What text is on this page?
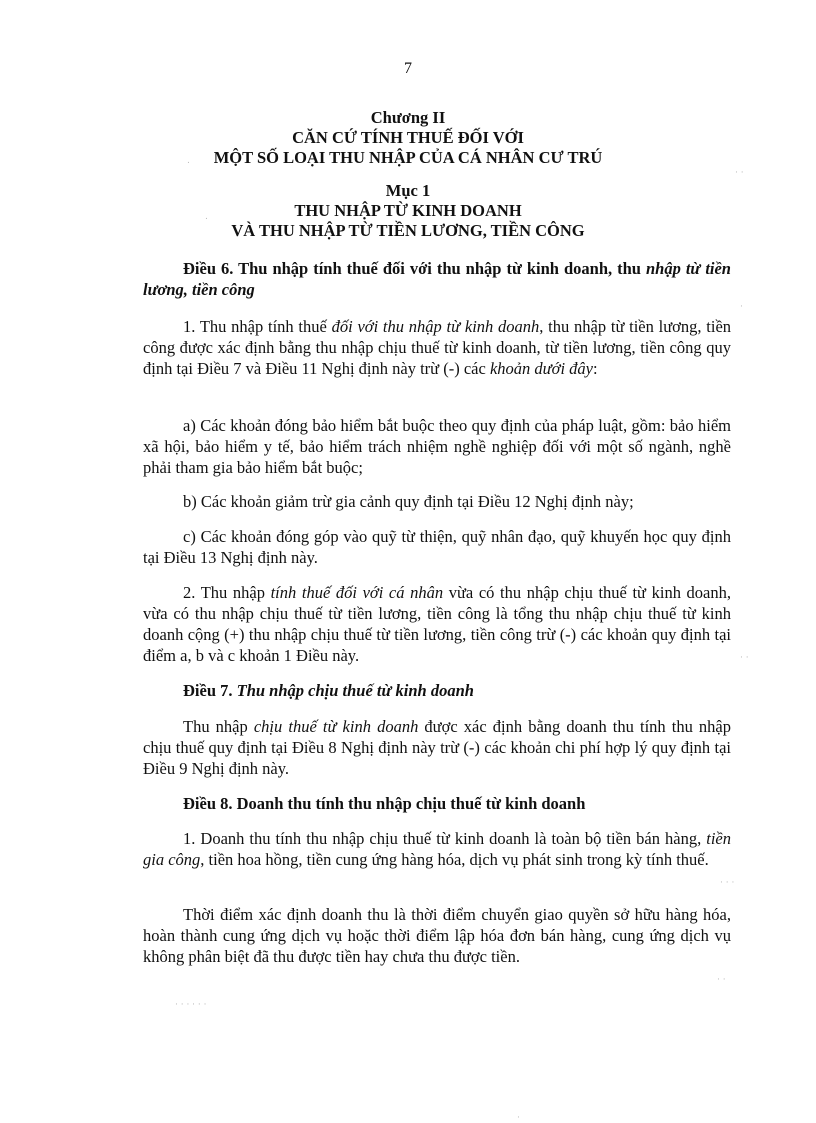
7
Chương II
CĂN CỨ TÍNH THUẾ ĐỐI VỚI
MỘT SỐ LOẠI THU NHẬP CỦA CÁ NHÂN CƯ TRÚ
Mục 1
THU NHẬP TỪ KINH DOANH
VÀ THU NHẬP TỪ TIỀN LƯƠNG, TIỀN CÔNG

Điều 6. Thu nhập tính thuế đối với thu nhập từ kinh doanh, thu nhập từ tiền lương, tiền công

1. Thu nhập tính thuế đối với thu nhập từ kinh doanh, thu nhập từ tiền lương, tiền công được xác định bằng thu nhập chịu thuế từ kinh doanh, từ tiền lương, tiền công quy định tại Điều 7 và Điều 11 Nghị định này trừ (-) các khoản dưới đây:

a) Các khoản đóng bảo hiểm bắt buộc theo quy định của pháp luật, gồm: bảo hiểm xã hội, bảo hiểm y tế, bảo hiểm trách nhiệm nghề nghiệp đối với một số ngành, nghề phải tham gia bảo hiểm bắt buộc;

b) Các khoản giảm trừ gia cảnh quy định tại Điều 12 Nghị định này;

c) Các khoản đóng góp vào quỹ từ thiện, quỹ nhân đạo, quỹ khuyến học quy định tại Điều 13 Nghị định này.

2. Thu nhập tính thuế đối với cá nhân vừa có thu nhập chịu thuế từ kinh doanh, vừa có thu nhập chịu thuế từ tiền lương, tiền công là tổng thu nhập chịu thuế từ kinh doanh cộng (+) thu nhập chịu thuế từ tiền lương, tiền công trừ (-) các khoản quy định tại điểm a, b và c khoản 1 Điều này.

Điều 7. Thu nhập chịu thuế từ kinh doanh

Thu nhập chịu thuế từ kinh doanh được xác định bằng doanh thu tính thu nhập chịu thuế quy định tại Điều 8 Nghị định này trừ (-) các khoản chi phí hợp lý quy định tại Điều 9 Nghị định này.

Điều 8. Doanh thu tính thu nhập chịu thuế từ kinh doanh

1. Doanh thu tính thu nhập chịu thuế từ kinh doanh là toàn bộ tiền bán hàng, tiền gia công, tiền hoa hồng, tiền cung ứng hàng hóa, dịch vụ phát sinh trong kỳ tính thuế.

Thời điểm xác định doanh thu là thời điểm chuyển giao quyền sở hữu hàng hóa, hoàn thành cung ứng dịch vụ hoặc thời điểm lập hóa đơn bán hàng, cung ứng dịch vụ không phân biệt đã thu được tiền hay chưa thu được tiền.

.
· ·
.
·
· ·
· · ·
· ·
· · · · · ·
·
